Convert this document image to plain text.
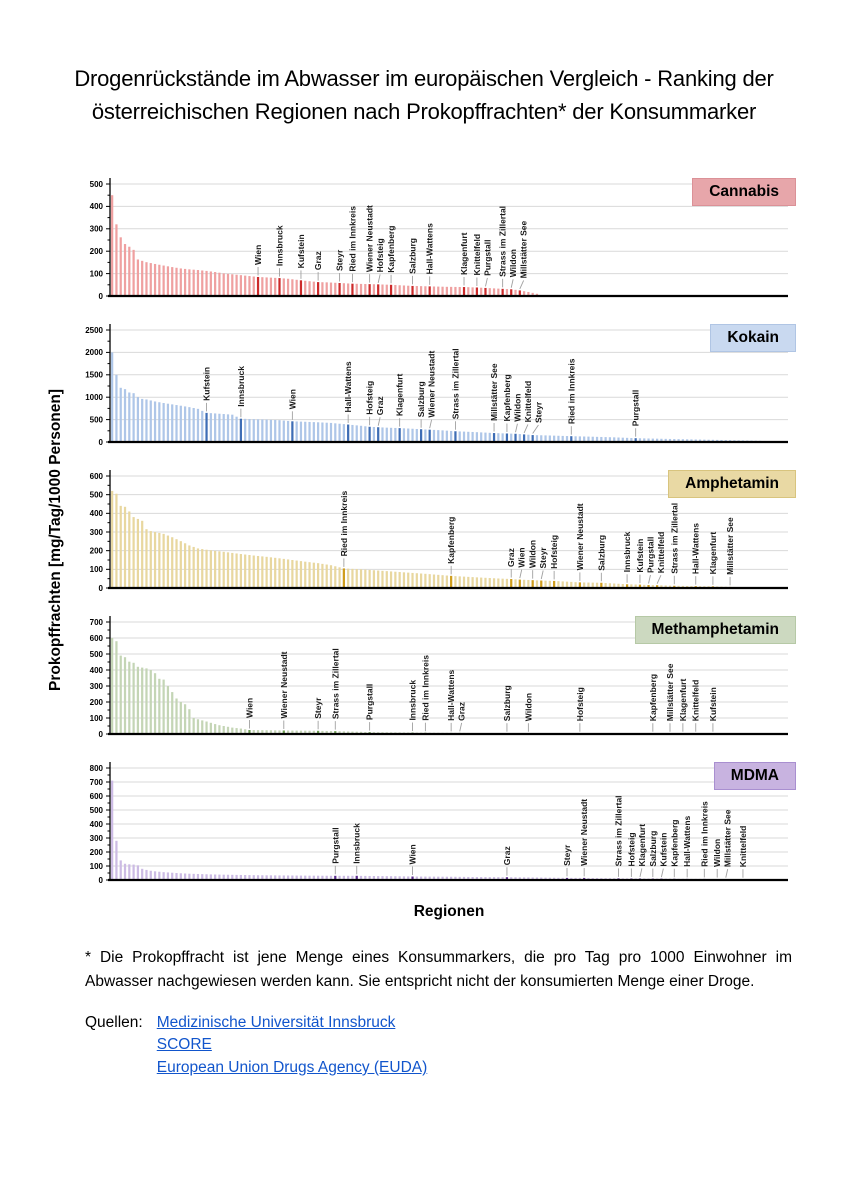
Drogenrückstände im Abwasser im europäischen Vergleich - Ranking der
österreichischen Regionen nach Prokopffrachten* der Konsummarker
Prokopffrachten [mg/Tag/1000 Personen]
0
100
200
300
400
500
Wien Innsbruck Kufstein Graz Steyr Ried im Innkreis Wiener Neustadt Hofsteig Kapfenberg Salzburg Hall-Wattens	Klagenfurt Knittelfeld Purgstall Strass im Zillertal Wildon Millstätter See
Cannabis
0
500
1000
1500
2000
2500
Kufstein	Innsbruck	Wien	Hall-Wattens Hofsteig Graz Klagenfurt Salzburg Wiener Neustadt Strass im Zillertal	Millstätter See Kapfenberg Wildon Knittelfeld Steyr	Ried im Innkreis	Purgstall
Kokain
0
100
200
300
400
500
600
Ried im Innkreis	Kapfenberg	Graz Wien Wildon Steyr Hofsteig Wiener Neustadt Salzburg Innsbruck Kufstein Purgstall Knittelfeld Strass im Zillertal Hall-Wattens Klagenfurt Millstätter See
Amphetamin
0
100
200
300
400
500
600
700
Wien	Wiener Neustadt	Steyr Strass im Zillertal	Purgstall	Innsbruck Ried im Innkreis Hall-Wattens Graz	Salzburg Wildon	Hofsteig	Kapfenberg Millstätter See Klagenfurt Knittelfeld Kufstein
Methamphetamin
0
100
200
300
400
500
600
700
800
Purgstall Innsbruck	Wien	Graz	Steyr Wiener Neustadt	Strass im Zillertal Hofsteig Klagenfurt Salzburg Kufstein Kapfenberg Hall-Wattens Ried im Innkreis Wildon Millstätter See Knittelfeld
MDMA
Regionen

* Die Prokopffracht ist jene Menge eines Konsummarkers, die pro Tag pro 1000 Einwohner im Abwasser nachgewiesen werden kann. Sie entspricht nicht der konsumierten Menge einer Droge.

Quellen: Medizinische Universität Innsbruck
SCORE
European Union Drugs Agency (EUDA)
